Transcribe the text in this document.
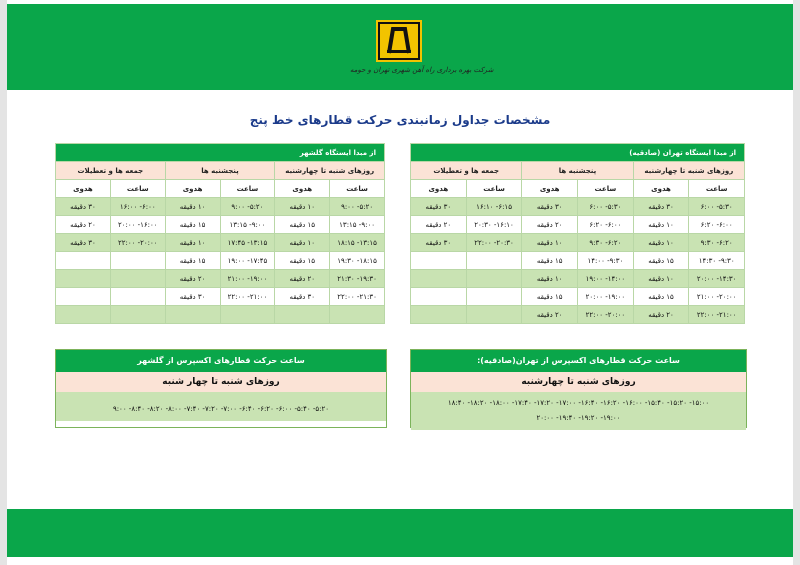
شرکت بهره برداری راه آهن شهری تهران و حومه
مشخصات جداول زمانبندی حرکت قطارهای خط پنج
از مبدا ایستگاه تهران (صادقیه)					
روزهای شنبه تا چهارشنبه		پنجشنبه ها		جمعه ها و تعطیلات	
ساعت	هدوی	ساعت	هدوی	ساعت	هدوی
۵:۳۰- ۶:۰۰	۳۰ دقیقه	۵:۳۰- ۶:۰۰	۳۰ دقیقه	۶:۱۵- ۱۶:۱۰	۳۰ دقیقه
۶:۰۰- ۶:۲۰	۱۰ دقیقه	۶:۰۰- ۶:۲۰	۲۰ دقیقه	۱۶:۱۰- ۲۰:۳۰	۲۰ دقیقه
۶:۲۰- ۹:۳۰	۱۰ دقیقه	۶:۲۰- ۹:۳۰	۱۰ دقیقه	۲۰:۳۰- ۲۲:۰۰	۳۰ دقیقه
۹:۳۰- ۱۴:۳۰	۱۵ دقیقه	۹:۳۰- ۱۴:۰۰	۱۵ دقیقه		
۱۴:۳۰- ۲۰:۰۰	۱۰ دقیقه	۱۴:۰۰- ۱۹:۰۰	۱۰ دقیقه		
۲۰:۰۰- ۲۱:۰۰	۱۵ دقیقه	۱۹:۰۰- ۲۰:۰۰	۱۵ دقیقه		
۲۱:۰۰- ۲۲:۰۰	۲۰ دقیقه	۲۰:۰۰- ۲۲:۰۰	۲۰ دقیقه		
از مبدا ایستگاه گلشهر					
روزهای شنبه تا چهارشنبه		پنجشنبه ها		جمعه ها و تعطیلات	
ساعت	هدوی	ساعت	هدوی	ساعت	هدوی
۵:۲۰- ۹:۰۰	۱۰ دقیقه	۵:۲۰- ۹:۰۰	۱۰ دقیقه	۶:۰۰- ۱۶:۰۰	۳۰ دقیقه
۹:۰۰- ۱۳:۱۵	۱۵ دقیقه	۹:۰۰- ۱۳:۱۵	۱۵ دقیقه	۱۶:۰۰- ۲۰:۰۰	۲۰ دقیقه
۱۳:۱۵- ۱۸:۱۵	۱۰ دقیقه	۱۳:۱۵- ۱۷:۴۵	۱۰ دقیقه	۲۰:۰۰- ۲۲:۰۰	۳۰ دقیقه
۱۸:۱۵- ۱۹:۳۰	۱۵ دقیقه	۱۷:۴۵- ۱۹:۰۰	۱۵ دقیقه		
۱۹:۳۰- ۲۱:۳۰	۲۰ دقیقه	۱۹:۰۰- ۲۱:۰۰	۲۰ دقیقه		
۲۱:۳۰- ۲۲:۰۰	۳۰ دقیقه	۲۱:۰۰- ۲۲:۰۰	۳۰ دقیقه		

ساعت حرکت قطارهای اکسپرس از تهران(صادقیه):
روزهای شنبه تا چهارشنبه
۱۵:۰۰- ۱۵:۲۰- ۱۵:۴۰- ۱۶:۰۰- ۱۶:۲۰- ۱۶:۴۰- ۱۷:۰۰- ۱۷:۲۰- ۱۷:۴۰- ۱۸:۰۰- ۱۸:۲۰- ۱۸:۴۰
۱۹:۰۰- ۱۹:۲۰- ۱۹:۴۰- ۲۰:۰۰
ساعت حرکت قطارهای اکسپرس از گلشهر
روزهای شنبه تا چهار شنبه
۵:۲۰- ۵:۴۰- ۶:۰۰- ۶:۲۰- ۶:۴۰- ۷:۰۰- ۷:۲۰- ۷:۴۰- ۸:۰۰- ۸:۲۰- ۸:۴۰- ۹:۰۰
